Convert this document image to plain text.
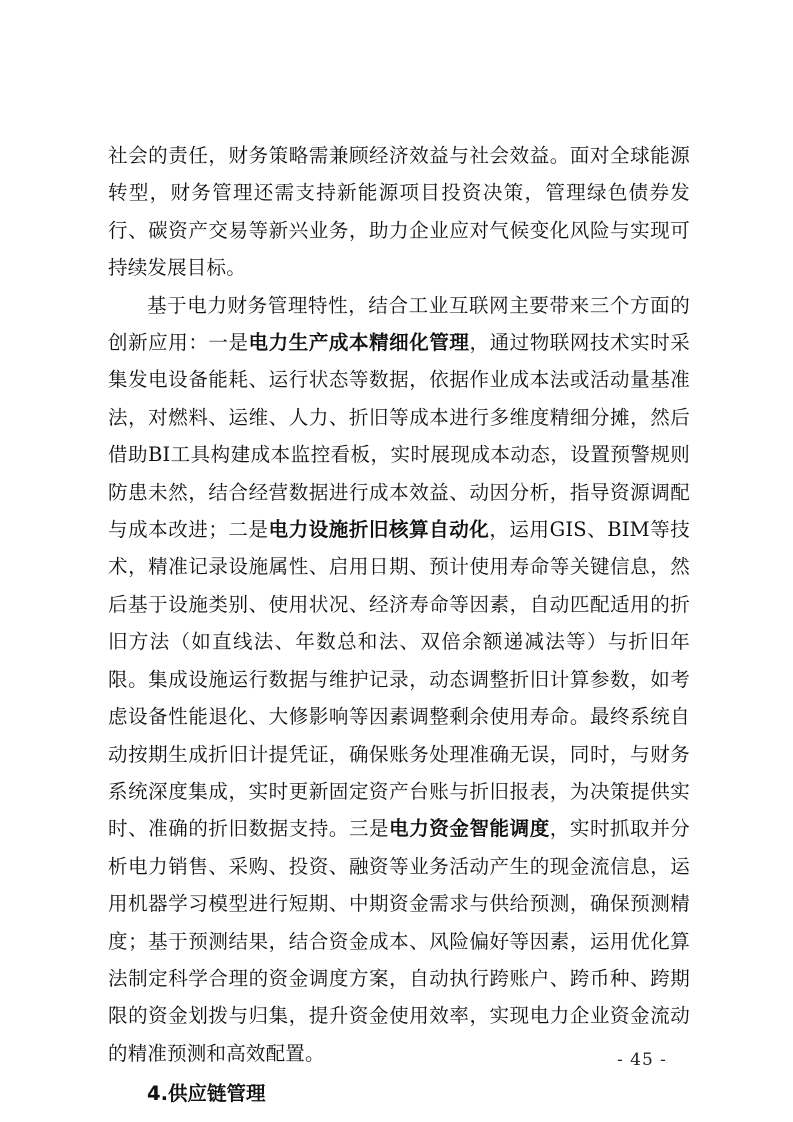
社会的责任，财务策略需兼顾经济效益与社会效益。面对全球能源转型，财务管理还需支持新能源项目投资决策，管理绿色债券发行、碳资产交易等新兴业务，助力企业应对气候变化风险与实现可持续发展目标。

基于电力财务管理特性，结合工业互联网主要带来三个方面的创新应用：一是电力生产成本精细化管理，通过物联网技术实时采集发电设备能耗、运行状态等数据，依据作业成本法或活动量基准法，对燃料、运维、人力、折旧等成本进行多维度精细分摊，然后借助BI工具构建成本监控看板，实时展现成本动态，设置预警规则防患未然，结合经营数据进行成本效益、动因分析，指导资源调配与成本改进；二是电力设施折旧核算自动化，运用GIS、BIM等技术，精准记录设施属性、启用日期、预计使用寿命等关键信息，然后基于设施类别、使用状况、经济寿命等因素，自动匹配适用的折旧方法（如直线法、年数总和法、双倍余额递减法等）与折旧年限。集成设施运行数据与维护记录，动态调整折旧计算参数，如考虑设备性能退化、大修影响等因素调整剩余使用寿命。最终系统自动按期生成折旧计提凭证，确保账务处理准确无误，同时，与财务系统深度集成，实时更新固定资产台账与折旧报表，为决策提供实时、准确的折旧数据支持。三是电力资金智能调度，实时抓取并分析电力销售、采购、投资、融资等业务活动产生的现金流信息，运用机器学习模型进行短期、中期资金需求与供给预测，确保预测精度；基于预测结果，结合资金成本、风险偏好等因素，运用优化算法制定科学合理的资金调度方案，自动执行跨账户、跨币种、跨期限的资金划拨与归集，提升资金使用效率，实现电力企业资金流动的精准预测和高效配置。

4.供应链管理
- 45 -
